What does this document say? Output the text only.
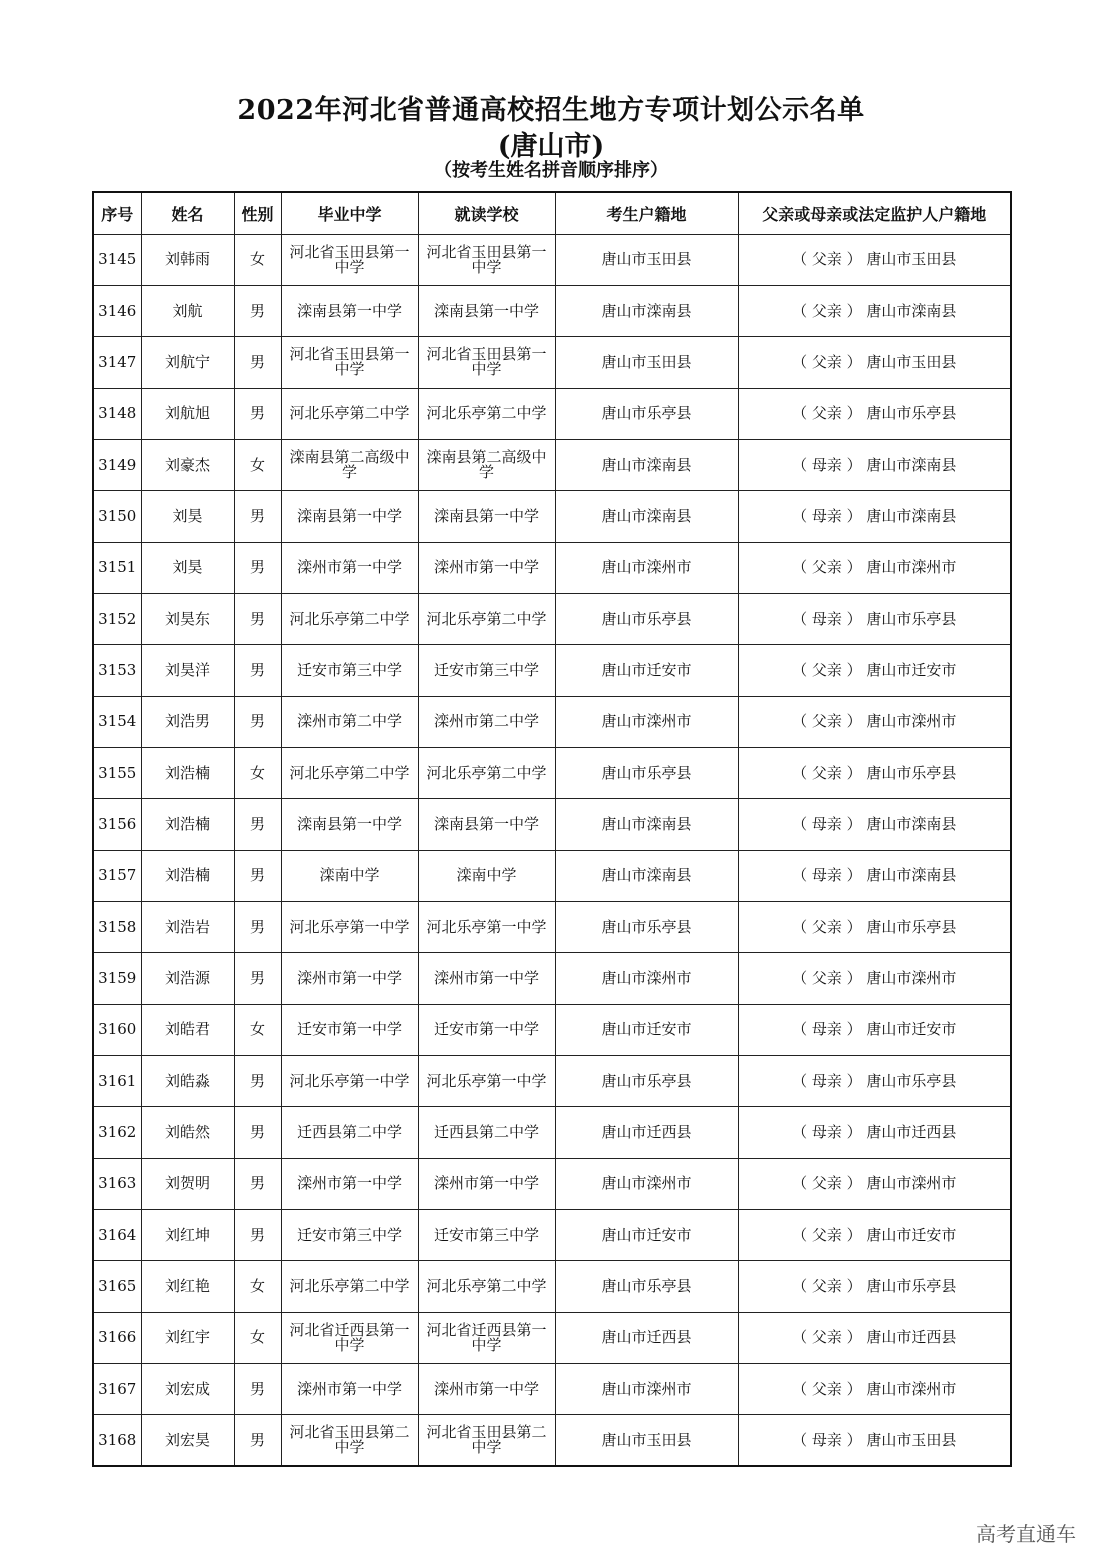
2022年河北省普通高校招生地方专项计划公示名单
(唐山市)
（按考生姓名拼音顺序排序）
序号	姓名	性别	毕业中学	就读学校	考生户籍地	父亲或母亲或法定监护人户籍地
3145	刘韩雨	女	河北省玉田县第一中学	河北省玉田县第一中学	唐山市玉田县	（ 父亲 ） 唐山市玉田县
3146	刘航	男	滦南县第一中学	滦南县第一中学	唐山市滦南县	（ 父亲 ） 唐山市滦南县
3147	刘航宁	男	河北省玉田县第一中学	河北省玉田县第一中学	唐山市玉田县	（ 父亲 ） 唐山市玉田县
3148	刘航旭	男	河北乐亭第二中学	河北乐亭第二中学	唐山市乐亭县	（ 父亲 ） 唐山市乐亭县
3149	刘豪杰	女	滦南县第二高级中学	滦南县第二高级中学	唐山市滦南县	（ 母亲 ） 唐山市滦南县
3150	刘昊	男	滦南县第一中学	滦南县第一中学	唐山市滦南县	（ 母亲 ） 唐山市滦南县
3151	刘昊	男	滦州市第一中学	滦州市第一中学	唐山市滦州市	（ 父亲 ） 唐山市滦州市
3152	刘昊东	男	河北乐亭第二中学	河北乐亭第二中学	唐山市乐亭县	（ 母亲 ） 唐山市乐亭县
3153	刘昊洋	男	迁安市第三中学	迁安市第三中学	唐山市迁安市	（ 父亲 ） 唐山市迁安市
3154	刘浩男	男	滦州市第二中学	滦州市第二中学	唐山市滦州市	（ 父亲 ） 唐山市滦州市
3155	刘浩楠	女	河北乐亭第二中学	河北乐亭第二中学	唐山市乐亭县	（ 父亲 ） 唐山市乐亭县
3156	刘浩楠	男	滦南县第一中学	滦南县第一中学	唐山市滦南县	（ 母亲 ） 唐山市滦南县
3157	刘浩楠	男	滦南中学	滦南中学	唐山市滦南县	（ 母亲 ） 唐山市滦南县
3158	刘浩岩	男	河北乐亭第一中学	河北乐亭第一中学	唐山市乐亭县	（ 父亲 ） 唐山市乐亭县
3159	刘浩源	男	滦州市第一中学	滦州市第一中学	唐山市滦州市	（ 父亲 ） 唐山市滦州市
3160	刘皓君	女	迁安市第一中学	迁安市第一中学	唐山市迁安市	（ 母亲 ） 唐山市迁安市
3161	刘皓淼	男	河北乐亭第一中学	河北乐亭第一中学	唐山市乐亭县	（ 母亲 ） 唐山市乐亭县
3162	刘皓然	男	迁西县第二中学	迁西县第二中学	唐山市迁西县	（ 母亲 ） 唐山市迁西县
3163	刘贺明	男	滦州市第一中学	滦州市第一中学	唐山市滦州市	（ 父亲 ） 唐山市滦州市
3164	刘红坤	男	迁安市第三中学	迁安市第三中学	唐山市迁安市	（ 父亲 ） 唐山市迁安市
3165	刘红艳	女	河北乐亭第二中学	河北乐亭第二中学	唐山市乐亭县	（ 父亲 ） 唐山市乐亭县
3166	刘红宇	女	河北省迁西县第一中学	河北省迁西县第一中学	唐山市迁西县	（ 父亲 ） 唐山市迁西县
3167	刘宏成	男	滦州市第一中学	滦州市第一中学	唐山市滦州市	（ 父亲 ） 唐山市滦州市
3168	刘宏昊	男	河北省玉田县第二中学	河北省玉田县第二中学	唐山市玉田县	（ 母亲 ） 唐山市玉田县
高考直通车
